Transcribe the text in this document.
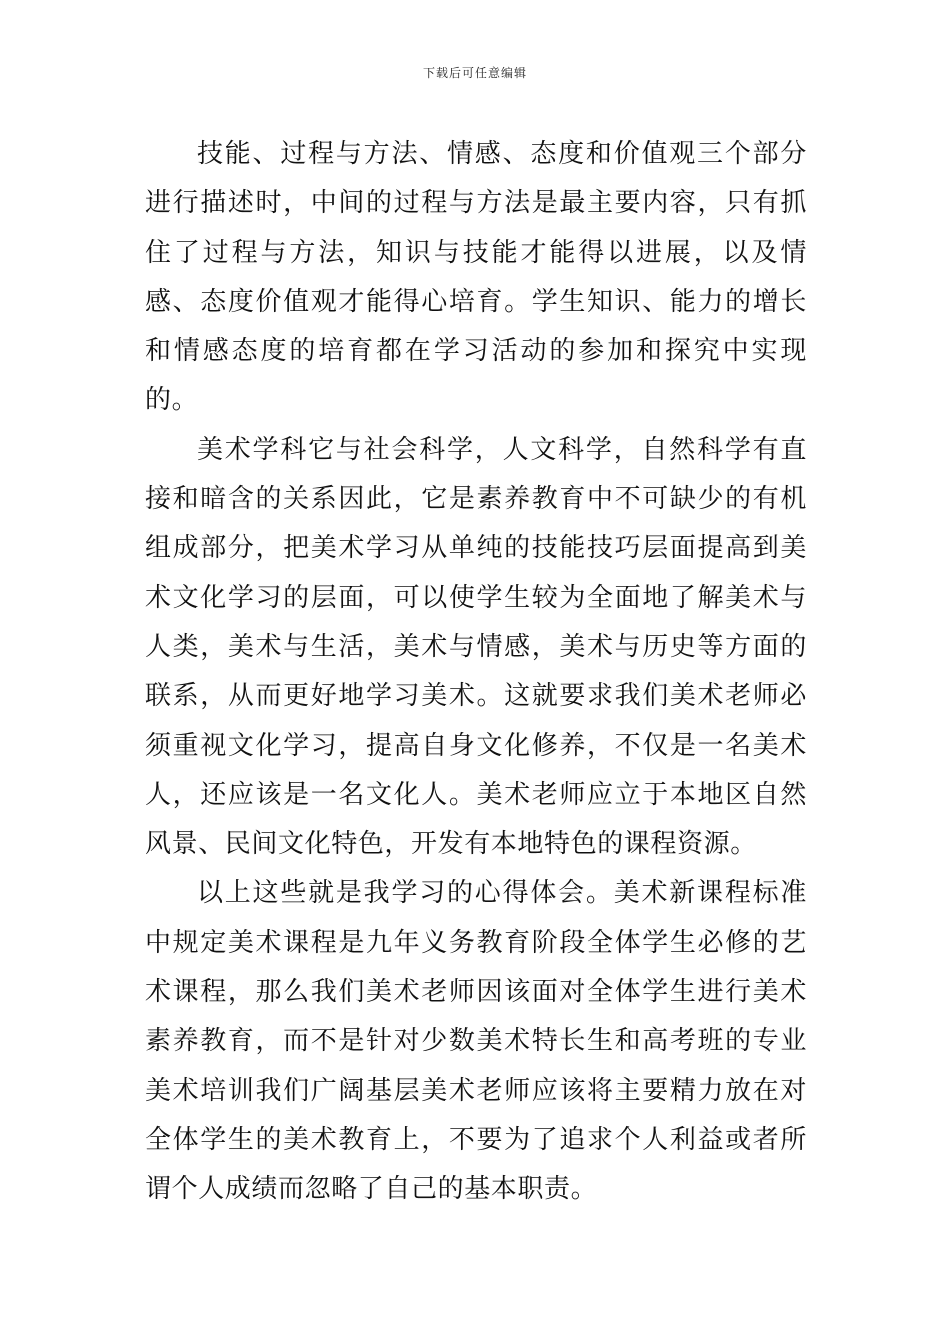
下载后可任意编辑

技能、过程与方法、情感、态度和价值观三个部分进行描述时，中间的过程与方法是最主要内容，只有抓住了过程与方法，知识与技能才能得以进展，以及情感、态度价值观才能得心培育。学生知识、能力的增长和情感态度的培育都在学习活动的参加和探究中实现的。

美术学科它与社会科学，人文科学，自然科学有直接和暗含的关系因此，它是素养教育中不可缺少的有机组成部分，把美术学习从单纯的技能技巧层面提高到美术文化学习的层面，可以使学生较为全面地了解美术与人类，美术与生活，美术与情感，美术与历史等方面的联系，从而更好地学习美术。这就要求我们美术老师必须重视文化学习，提高自身文化修养，不仅是一名美术人，还应该是一名文化人。美术老师应立于本地区自然风景、民间文化特色，开发有本地特色的课程资源。

以上这些就是我学习的心得体会。美术新课程标准中规定美术课程是九年义务教育阶段全体学生必修的艺术课程，那么我们美术老师因该面对全体学生进行美术素养教育，而不是针对少数美术特长生和高考班的专业美术培训我们广阔基层美术老师应该将主要精力放在对全体学生的美术教育上，不要为了追求个人利益或者所谓个人成绩而忽略了自己的基本职责。
